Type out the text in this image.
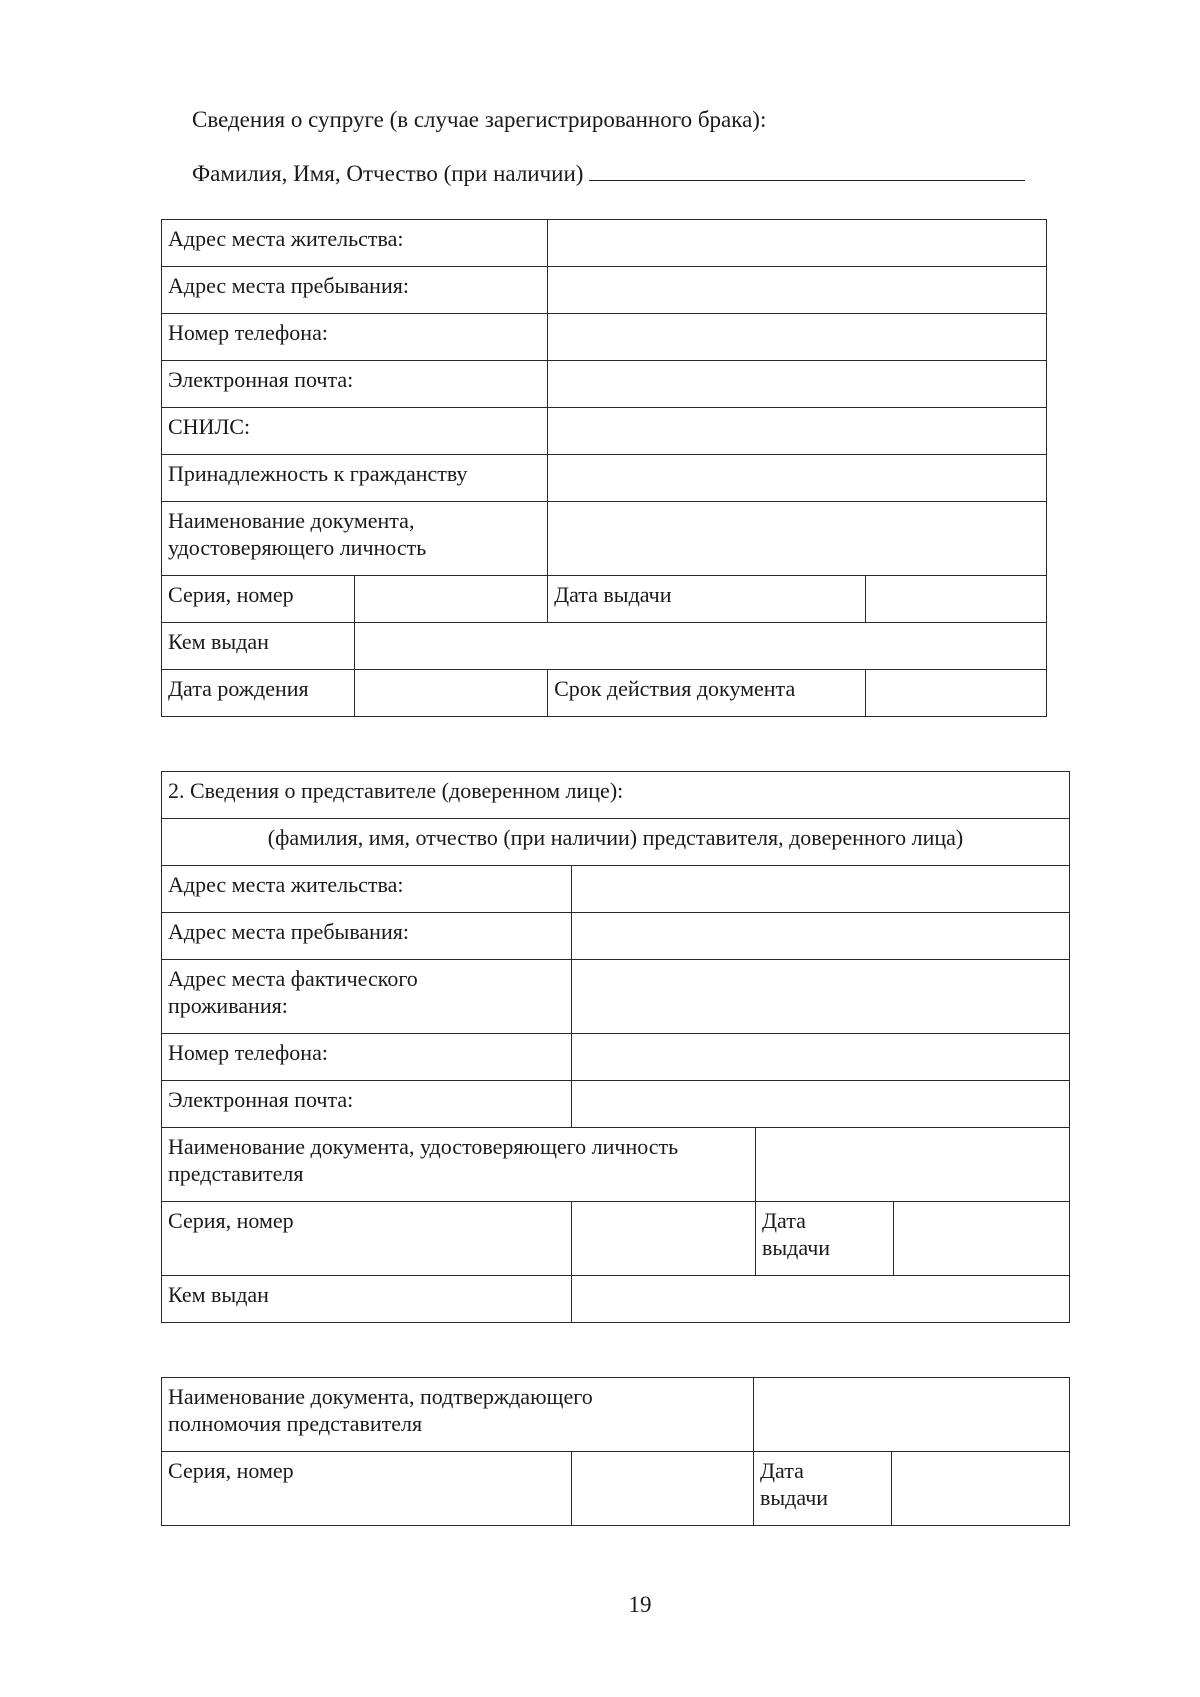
Сведения о супруге (в случае зарегистрированного брака):
Фамилия, Имя, Отчество (при наличии)
Адрес места жительства:			
Адрес места пребывания:			
Номер телефона:			
Электронная почта:			
СНИЛС:			
Принадлежность к гражданству			
Наименование документа, удостоверяющего личность			
Серия, номер		Дата выдачи	
Кем выдан			
Дата рождения		Срок действия документа	
2. Сведения о представителе (доверенном лице):			
(фамилия, имя, отчество (при наличии) представителя, доверенного лица)			
Адрес места жительства:			
Адрес места пребывания:			
Адрес места фактического проживания:			
Номер телефона:			
Электронная почта:			
Наименование документа, удостоверяющего личность представителя			
Серия, номер		Дата выдачи	
Кем выдан			
Наименование документа, подтверждающего полномочия представителя			
Серия, номер		Дата выдачи	
19
